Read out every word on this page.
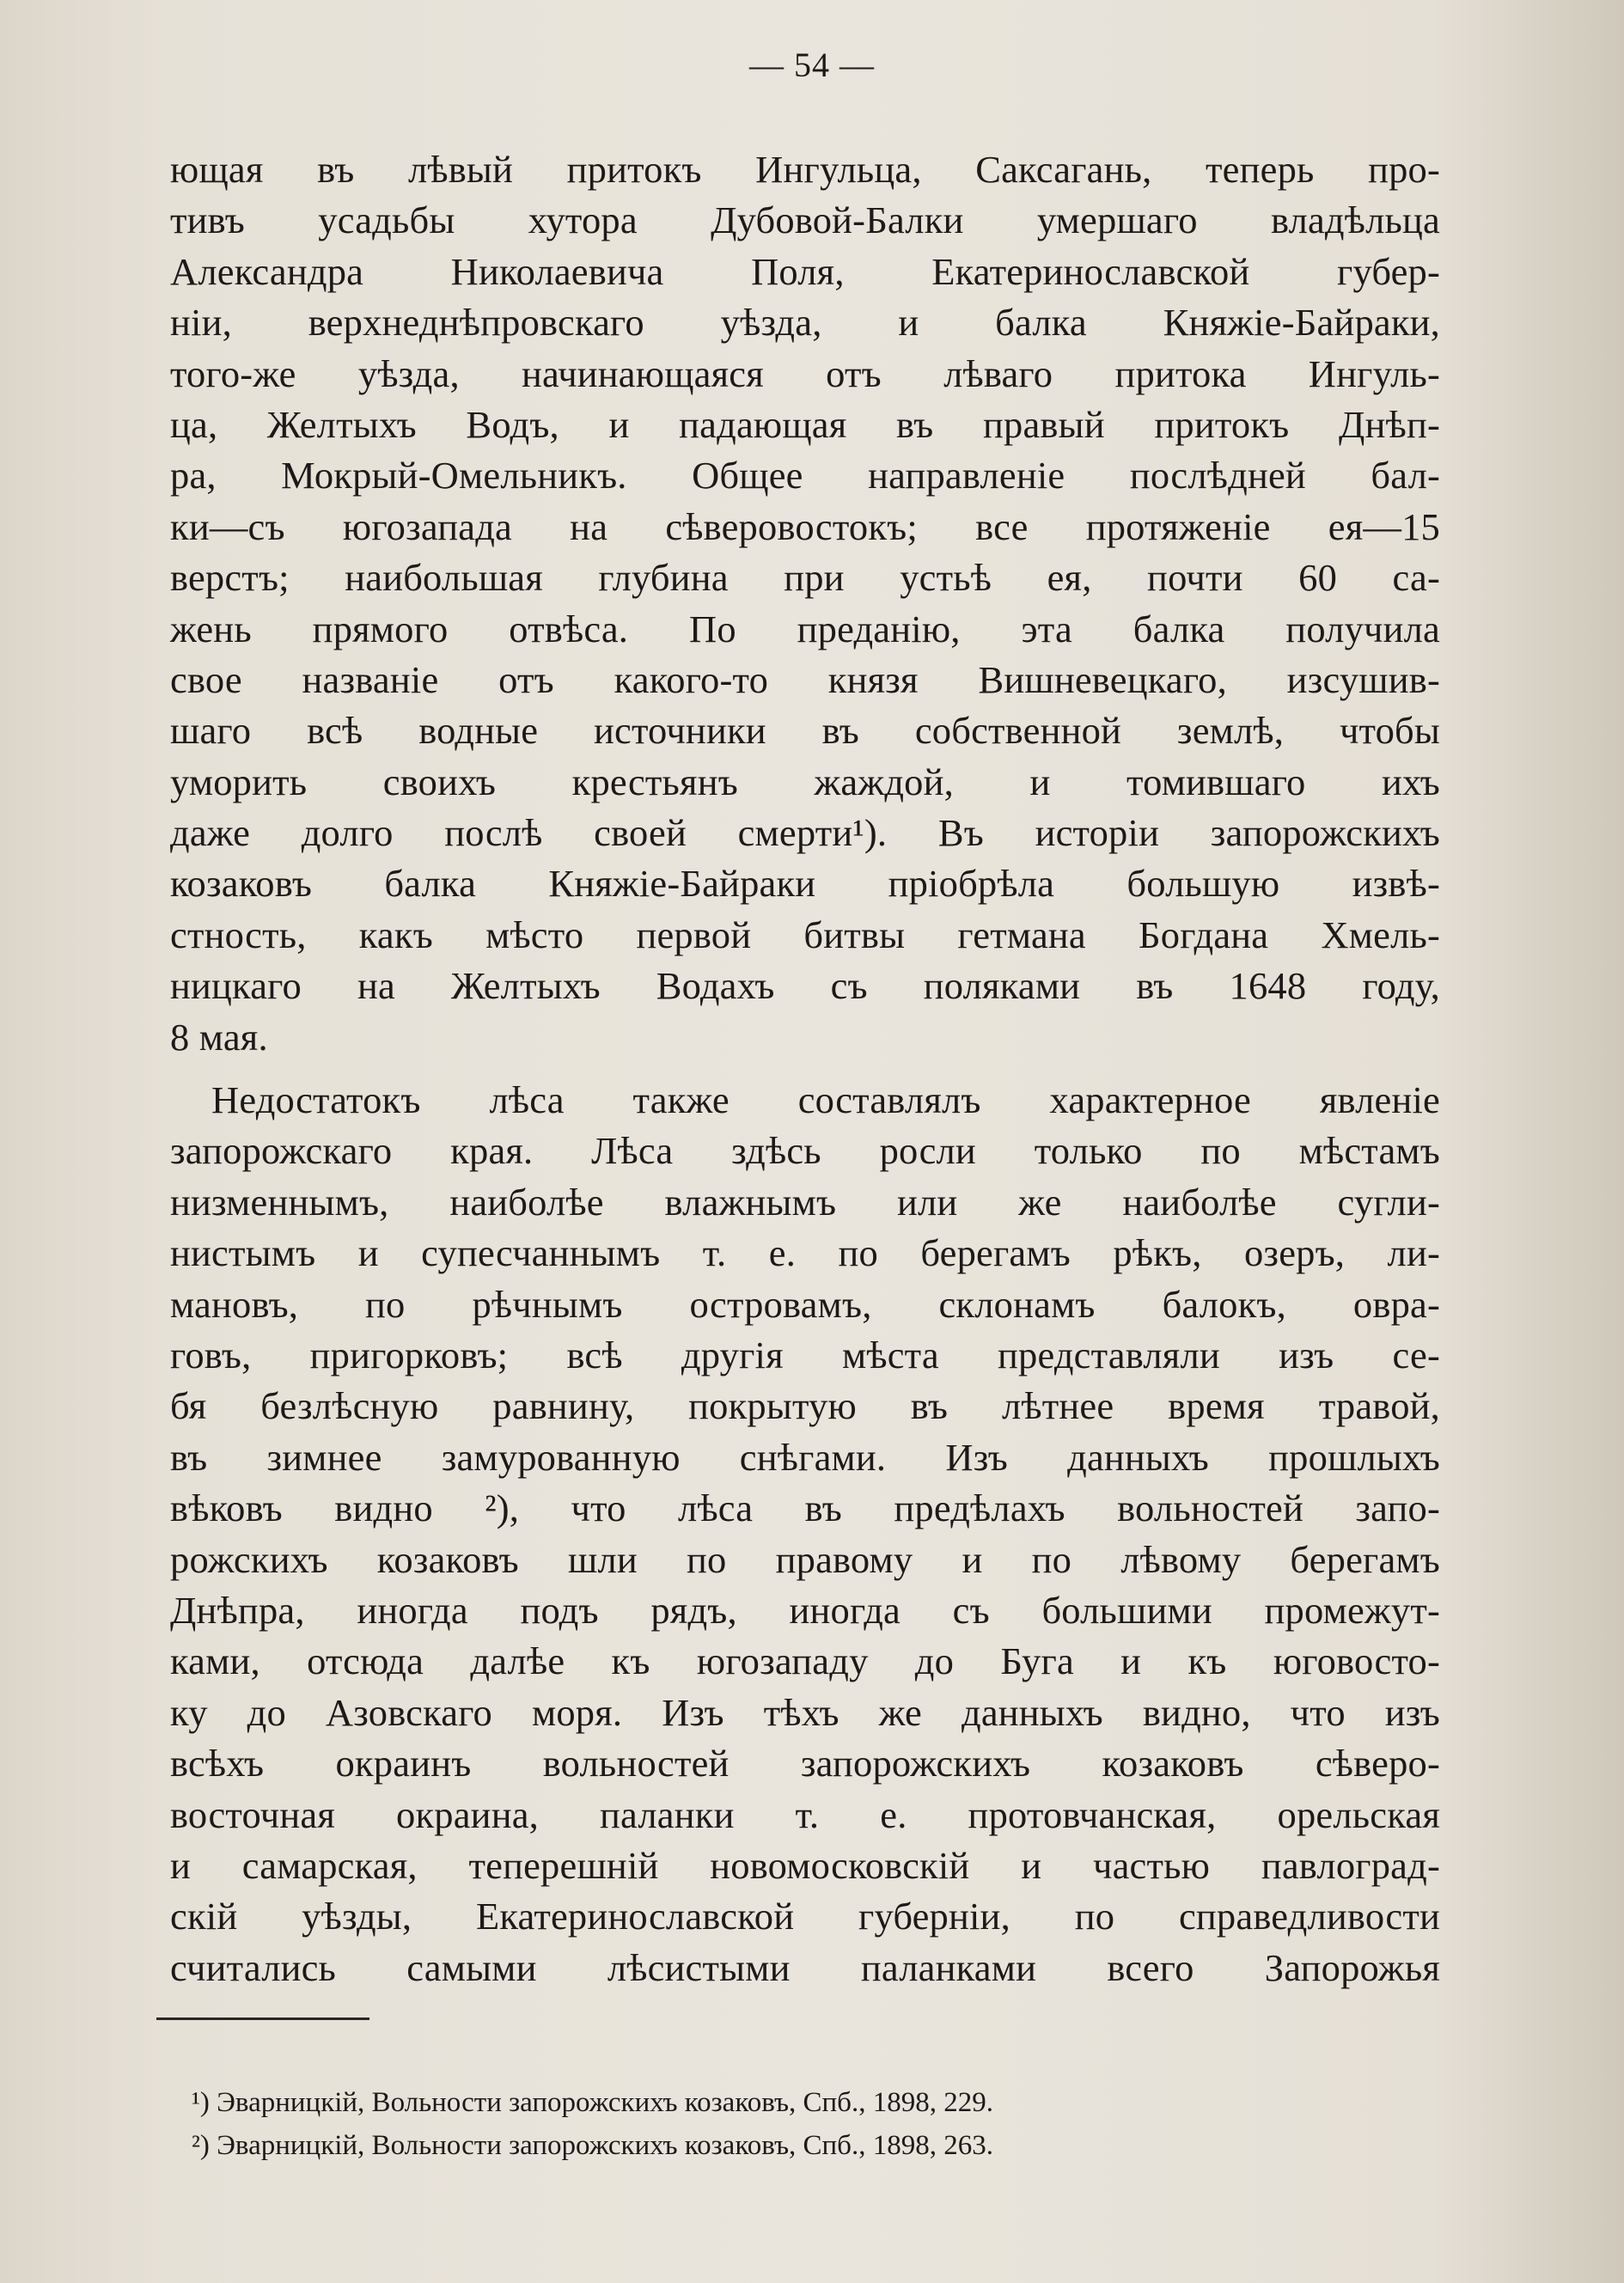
— 54 —
ющая въ лѣвый притокъ Ингульца, Саксагань, теперь про-
тивъ усадьбы хутора Дубовой-Балки умершаго владѣльца
Александра Николаевича Поля, Екатеринославской губер-
ніи, верхнеднѣпровскаго уѣзда, и балка Княжіе-Байраки,
того-же уѣзда, начинающаяся отъ лѣваго притока Ингуль-
ца, Желтыхъ Водъ, и падающая въ правый притокъ Днѣп-
ра, Мокрый-Омельникъ. Общее направленіе послѣдней бал-
ки—съ югозапада на сѣверовостокъ; все протяженіе ея—15
верстъ; наибольшая глубина при устьѣ ея, почти 60 са-
жень прямого отвѣса. По преданію, эта балка получила
свое названіе отъ какого-то князя Вишневецкаго, изсушив-
шаго всѣ водные источники въ собственной землѣ, чтобы
уморить своихъ крестьянъ жаждой, и томившаго ихъ
даже долго послѣ своей смерти¹). Въ исторіи запорожскихъ
козаковъ балка Княжіе-Байраки пріобрѣла большую извѣ-
стность, какъ мѣсто первой битвы гетмана Богдана Хмель-
ницкаго на Желтыхъ Водахъ съ поляками въ 1648 году,
8 мая.
Недостатокъ лѣса также составлялъ характерное явленіе
запорожскаго края. Лѣса здѣсь росли только по мѣстамъ
низменнымъ, наиболѣе влажнымъ или же наиболѣе сугли-
нистымъ и супесчаннымъ т. е. по берегамъ рѣкъ, озеръ, ли-
мановъ, по рѣчнымъ островамъ, склонамъ балокъ, овра-
говъ, пригорковъ; всѣ другія мѣста представляли изъ се-
бя безлѣсную равнину, покрытую въ лѣтнее время травой,
въ зимнее замурованную снѣгами. Изъ данныхъ прошлыхъ
вѣковъ видно ²), что лѣса въ предѣлахъ вольностей запо-
рожскихъ козаковъ шли по правому и по лѣвому берегамъ
Днѣпра, иногда подъ рядъ, иногда съ большими промежут-
ками, отсюда далѣе къ югозападу до Буга и къ юговосто-
ку до Азовскаго моря. Изъ тѣхъ же данныхъ видно, что изъ
всѣхъ окраинъ вольностей запорожскихъ козаковъ сѣверо-
восточная окраина, паланки т. е. протовчанская, орельская
и самарская, теперешній новомосковскій и частью павлоград-
скій уѣзды, Екатеринославской губерніи, по справедливости
считались самыми лѣсистыми паланками всего Запорожья
¹) Эварницкій, Вольности запорожскихъ козаковъ, Спб., 1898, 229.
²) Эварницкій, Вольности запорожскихъ козаковъ, Спб., 1898, 263.
